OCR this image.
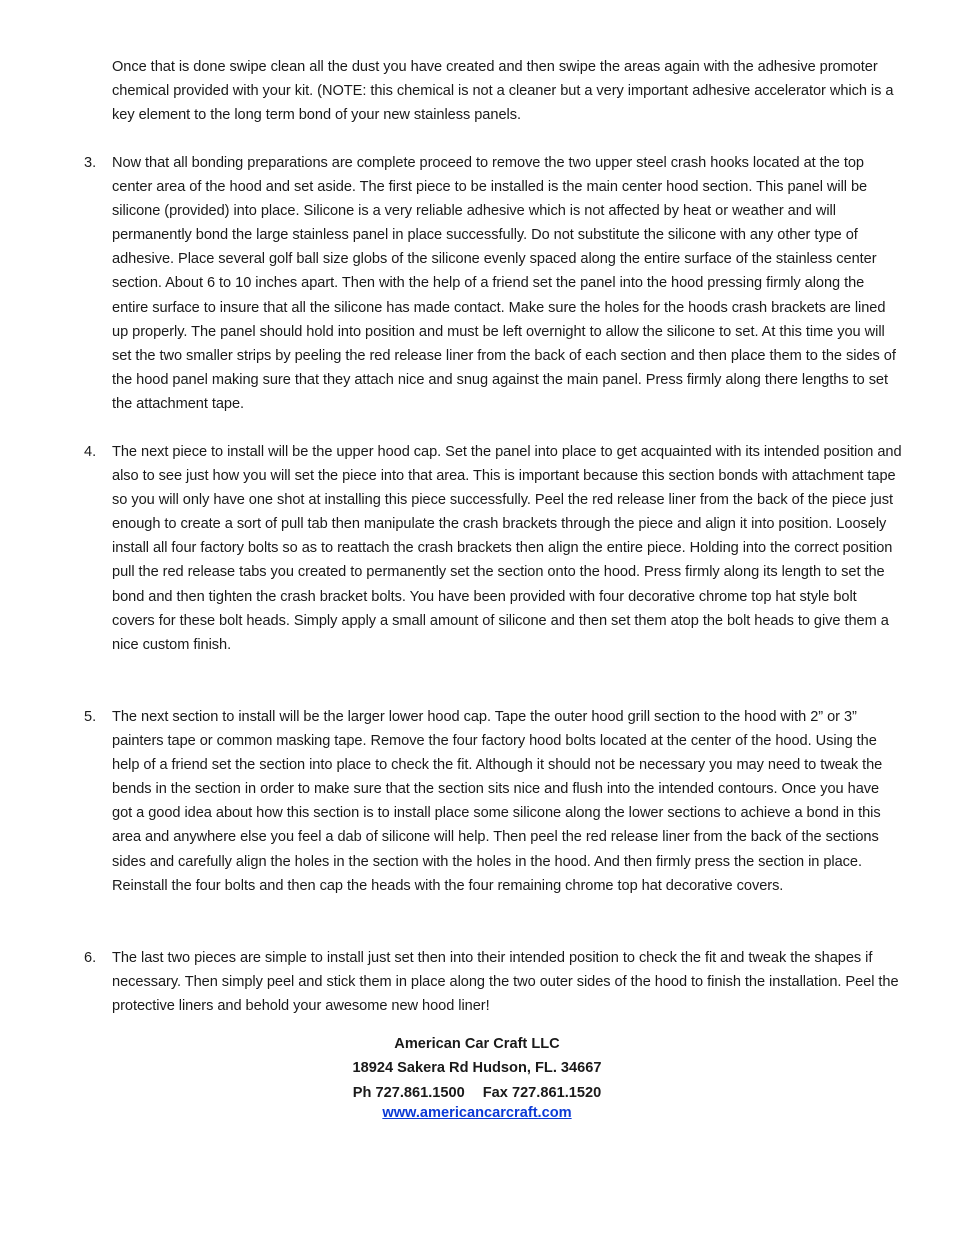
Once that is done swipe clean all the dust you have created and then swipe the areas again with the adhesive promoter chemical provided with your kit. (NOTE: this chemical is not a cleaner but a very important adhesive accelerator which is a key element to the long term bond of your new stainless panels.

3. Now that all bonding preparations are complete proceed to remove the two upper steel crash hooks located at the top center area of the hood and set aside. The first piece to be installed is the main center hood section. This panel will be silicone (provided) into place. Silicone is a very reliable adhesive which is not affected by heat or weather and will permanently bond the large stainless panel in place successfully. Do not substitute the silicone with any other type of adhesive. Place several golf ball size globs of the silicone evenly spaced along the entire surface of the stainless center section. About 6 to 10 inches apart. Then with the help of a friend set the panel into the hood pressing firmly along the entire surface to insure that all the silicone has made contact. Make sure the holes for the hoods crash brackets are lined up properly. The panel should hold into position and must be left overnight to allow the silicone to set. At this time you will set the two smaller strips by peeling the red release liner from the back of each section and then place them to the sides of the hood panel making sure that they attach nice and snug against the main panel. Press firmly along there lengths to set the attachment tape.

4. The next piece to install will be the upper hood cap. Set the panel into place to get acquainted with its intended position and also to see just how you will set the piece into that area. This is important because this section bonds with attachment tape so you will only have one shot at installing this piece successfully. Peel the red release liner from the back of the piece just enough to create a sort of pull tab then manipulate the crash brackets through the piece and align it into position. Loosely install all four factory bolts so as to reattach the crash brackets then align the entire piece. Holding into the correct position pull the red release tabs you created to permanently set the section onto the hood. Press firmly along its length to set the bond and then tighten the crash bracket bolts. You have been provided with four decorative chrome top hat style bolt covers for these bolt heads. Simply apply a small amount of silicone and then set them atop the bolt heads to give them a nice custom finish.

5. The next section to install will be the larger lower hood cap. Tape the outer hood grill section to the hood with 2” or 3” painters tape or common masking tape. Remove the four factory hood bolts located at the center of the hood. Using the help of a friend set the section into place to check the fit. Although it should not be necessary you may need to tweak the bends in the section in order to make sure that the section sits nice and flush into the intended contours. Once you have got a good idea about how this section is to install place some silicone along the lower sections to achieve a bond in this area and anywhere else you feel a dab of silicone will help. Then peel the red release liner from the back of the sections sides and carefully align the holes in the section with the holes in the hood. And then firmly press the section in place. Reinstall the four bolts and then cap the heads with the four remaining chrome top hat decorative covers.

6. The last two pieces are simple to install just set then into their intended position to check the fit and tweak the shapes if necessary. Then simply peel and stick them in place along the two outer sides of the hood to finish the installation. Peel the protective liners and behold your awesome new hood liner!

American Car Craft LLC

18924 Sakera Rd Hudson, FL. 34667

Ph 727.861.1500 Fax 727.861.1520

www.americancarcraft.com
